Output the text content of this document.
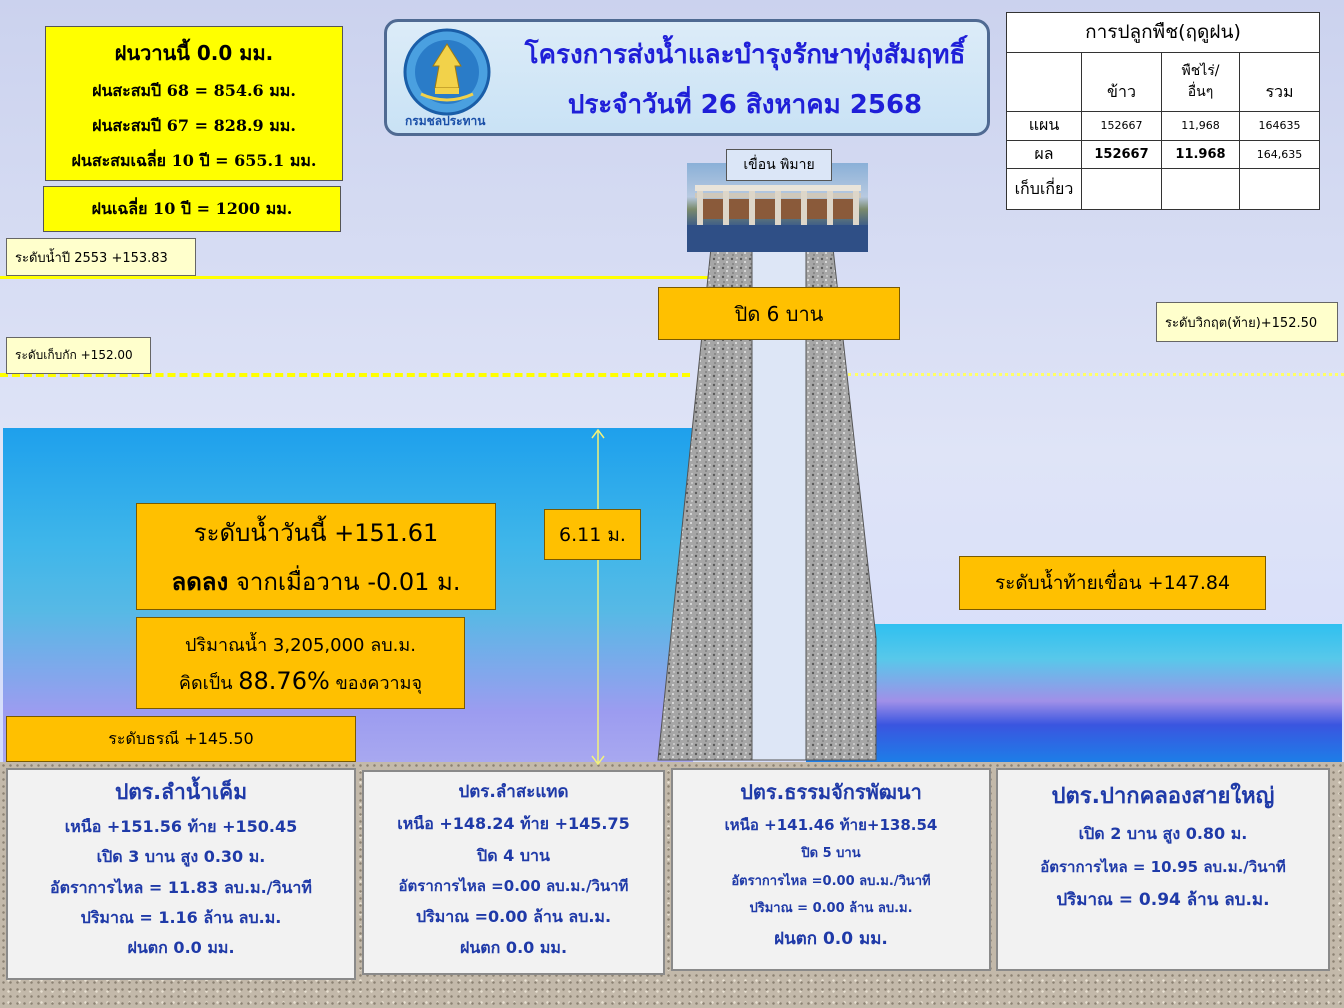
เขื่อน พิมาย
ปิด 6 บาน
6.11 ม.
ฝนวานนี้ 0.0 มม.
ฝนสะสมปี 68 = 854.6 มม.
ฝนสะสมปี 67 = 828.9 มม.
ฝนสะสมเฉลี่ย 10 ปี = 655.1 มม.
ฝนเฉลี่ย 10 ปี = 1200 มม.
กรมชลประทาน
โครงการส่งน้ำและบำรุงรักษาทุ่งสัมฤทธิ์
ประจำวันที่ 26 สิงหาคม 2568
การปลูกพืช(ฤดูฝน)			
	ข้าว	พืชไร่/อื่นๆ	รวม
แผน	152667	11,968	164635
ผล	152667	11.968	164,635
เก็บเกี่ยว			
ระดับน้ำปี 2553 +153.83
ระดับเก็บกัก +152.00
ระดับวิกฤต(ท้าย)+152.50
ระดับธรณี +145.50
ระดับน้ำท้ายเขื่อน +147.84
ระดับน้ำวันนี้ +151.61
ลดลง จากเมื่อวาน -0.01 ม.
ปริมาณน้ำ 3,205,000 ลบ.ม.
คิดเป็น 88.76% ของความจุ
ปตร.ลำน้ำเค็ม
เหนือ +151.56 ท้าย +150.45
เปิด 3 บาน สูง 0.30 ม.
อัตราการไหล = 11.83 ลบ.ม./วินาที
ปริมาณ = 1.16 ล้าน ลบ.ม.
ฝนตก 0.0 มม.
ปตร.ลำสะแทด
เหนือ +148.24 ท้าย +145.75
ปิด 4 บาน
อัตราการไหล =0.00 ลบ.ม./วินาที
ปริมาณ =0.00 ล้าน ลบ.ม.
ฝนตก 0.0 มม.
ปตร.ธรรมจักรพัฒนา
เหนือ +141.46 ท้าย+138.54
ปิด 5 บาน
อัตราการไหล =0.00 ลบ.ม./วินาที
ปริมาณ = 0.00 ล้าน ลบ.ม.
ฝนตก 0.0 มม.
ปตร.ปากคลองสายใหญ่
เปิด 2 บาน สูง 0.80 ม.
อัตราการไหล = 10.95 ลบ.ม./วินาที
ปริมาณ = 0.94 ล้าน ลบ.ม.
